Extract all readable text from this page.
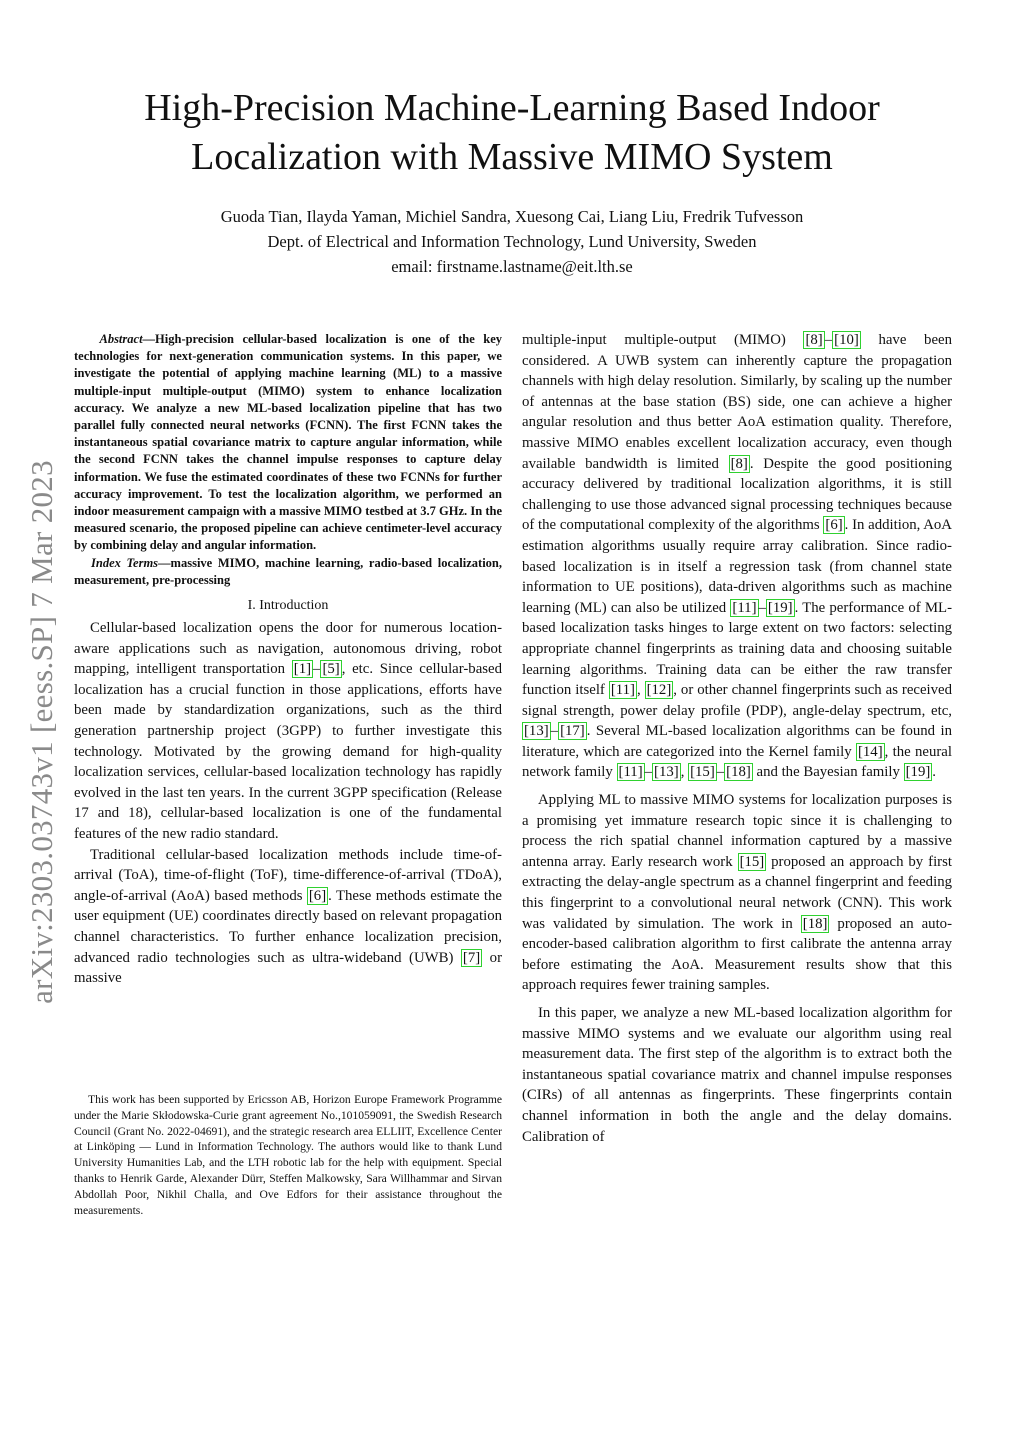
arXiv:2303.03743v1 [eess.SP] 7 Mar 2023
High-Precision Machine-Learning Based Indoor Localization with Massive MIMO System
Guoda Tian, Ilayda Yaman, Michiel Sandra, Xuesong Cai, Liang Liu, Fredrik Tufvesson
Dept. of Electrical and Information Technology, Lund University, Sweden
email: firstname.lastname@eit.lth.se

Abstract—High-precision cellular-based localization is one of the key technologies for next-generation communication systems. In this paper, we investigate the potential of applying machine learning (ML) to a massive multiple-input multiple-output (MIMO) system to enhance localization accuracy. We analyze a new ML-based localization pipeline that has two parallel fully connected neural networks (FCNN). The first FCNN takes the instantaneous spatial covariance matrix to capture angular information, while the second FCNN takes the channel impulse responses to capture delay information. We fuse the estimated coordinates of these two FCNNs for further accuracy improvement. To test the localization algorithm, we performed an indoor measurement campaign with a massive MIMO testbed at 3.7 GHz. In the measured scenario, the proposed pipeline can achieve centimeter-level accuracy by combining delay and angular information.

Index Terms—massive MIMO, machine learning, radio-based localization, measurement, pre-processing

I. Introduction

Cellular-based localization opens the door for numerous location-aware applications such as navigation, autonomous driving, robot mapping, intelligent transportation [1] – [5] , etc. Since cellular-based localization has a crucial function in those applications, efforts have been made by standardization organizations, such as the third generation partnership project (3GPP) to further investigate this technology. Motivated by the growing demand for high-quality localization services, cellular-based localization technology has rapidly evolved in the last ten years. In the current 3GPP specification (Release 17 and 18), cellular-based localization is one of the fundamental features of the new radio standard.

Traditional cellular-based localization methods include time-of-arrival (ToA), time-of-flight (ToF), time-difference-of-arrival (TDoA), angle-of-arrival (AoA) based methods [6] . These methods estimate the user equipment (UE) coordinates directly based on relevant propagation channel characteristics. To further enhance localization precision, advanced radio technologies such as ultra-wideband (UWB) [7] or massive

This work has been supported by Ericsson AB, Horizon Europe Framework Programme under the Marie Skłodowska-Curie grant agreement No.,101059091, the Swedish Research Council (Grant No. 2022-04691), and the strategic research area ELLIIT, Excellence Center at Linköping — Lund in Information Technology. The authors would like to thank Lund University Humanities Lab, and the LTH robotic lab for the help with equipment. Special thanks to Henrik Garde, Alexander Dürr, Steffen Malkowsky, Sara Willhammar and Sirvan Abdollah Poor, Nikhil Challa, and Ove Edfors for their assistance throughout the measurements.

multiple-input multiple-output (MIMO) [8] – [10] have been considered. A UWB system can inherently capture the propagation channels with high delay resolution. Similarly, by scaling up the number of antennas at the base station (BS) side, one can achieve a higher angular resolution and thus better AoA estimation quality. Therefore, massive MIMO enables excellent localization accuracy, even though available bandwidth is limited [8] . Despite the good positioning accuracy delivered by traditional localization algorithms, it is still challenging to use those advanced signal processing techniques because of the computational complexity of the algorithms [6] . In addition, AoA estimation algorithms usually require array calibration. Since radio-based localization is in itself a regression task (from channel state information to UE positions), data-driven algorithms such as machine learning (ML) can also be utilized [11] – [19] . The performance of ML-based localization tasks hinges to large extent on two factors: selecting appropriate channel fingerprints as training data and choosing suitable learning algorithms. Training data can be either the raw transfer function itself [11] , [12] , or other channel fingerprints such as received signal strength, power delay profile (PDP), angle-delay spectrum, etc, [13] – [17] . Several ML-based localization algorithms can be found in literature, which are categorized into the Kernel family [14] , the neural network family [11] – [13] , [15] – [18] and the Bayesian family [19] .

Applying ML to massive MIMO systems for localization purposes is a promising yet immature research topic since it is challenging to process the rich spatial channel information captured by a massive antenna array. Early research work [15] proposed an approach by first extracting the delay-angle spectrum as a channel fingerprint and feeding this fingerprint to a convolutional neural network (CNN). This work was validated by simulation. The work in [18] proposed an auto-encoder-based calibration algorithm to first calibrate the antenna array before estimating the AoA. Measurement results show that this approach requires fewer training samples.

In this paper, we analyze a new ML-based localization algorithm for massive MIMO systems and we evaluate our algorithm using real measurement data. The first step of the algorithm is to extract both the instantaneous spatial covariance matrix and channel impulse responses (CIRs) of all antennas as fingerprints. These fingerprints contain channel information in both the angle and the delay domains. Calibration of
